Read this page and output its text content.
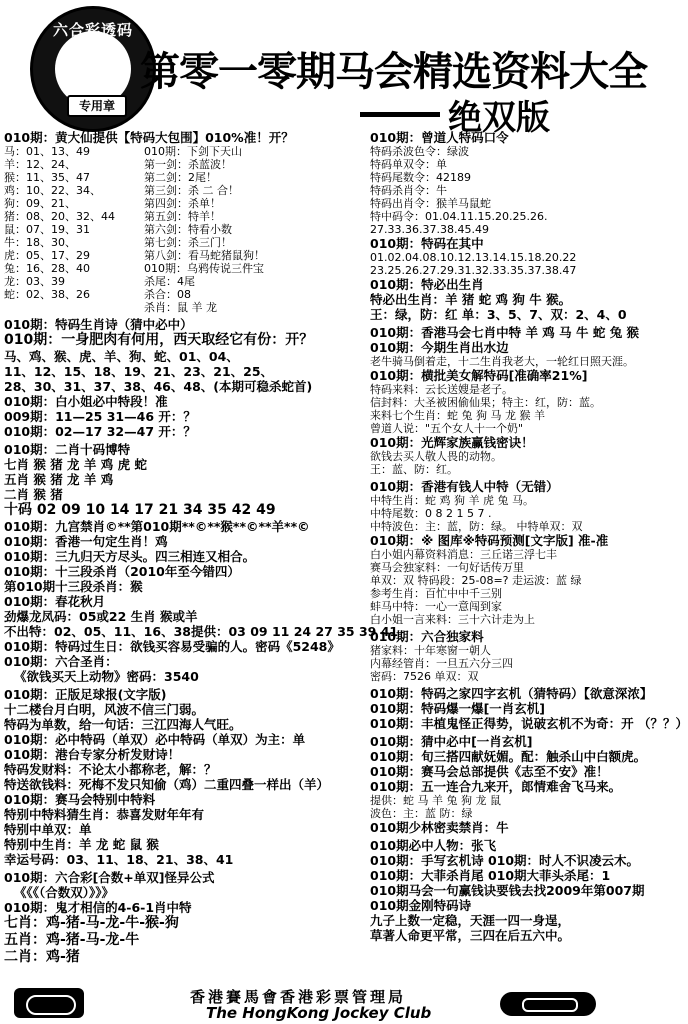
六合彩透码
专用章
第零一零期马会精选资料大全
绝双版
010期：黄大仙提供【特码大包围】010%准！开？
马：01、13、49	010期：下剑下天山
羊：12、24、	第一剑：杀蓝波！
猴：11、35、47	第二剑：2尾！
鸡：10、22、34、	第三剑：杀 二 合！
狗：09、21、	第四剑：杀单！
猪：08、20、32、44	第五剑：特羊！
鼠：07、19、31	第六剑：特看小数
牛：18、30、	第七剑：杀三门！
虎：05、17、29	第八剑：看马蛇猪鼠狗！
兔：16、28、40	010期：乌鸦传说三件宝
龙：03、39	杀尾：4尾
蛇：02、38、26	杀合：08
杀肖：鼠 羊 龙
010期：特码生肖诗（猜中必中）
010期：一身肥肉有何用，西天取经它有份：开？
马、鸡、猴、虎、羊、狗、蛇、01、04、
11、12、15、18、19、21、23、21、25、
28、30、31、37、38、46、48、(本期可稳杀蛇首)
010期：白小姐必中特段！准
009期：11—25 31—46 开：？
010期：02—17 32—47 开：？
010期：二肖十码博特
七肖 猴 猪 龙 羊 鸡 虎 蛇
五肖 猴 猪 龙 羊 鸡
二肖 猴 猪
十码 02 09 10 14 17 21 34 35 42 49
010期：九宫禁肖©**第010期**©**猴**©**羊**©
010期：香港一句定生肖！鸡
010期：三九归天方尽头。四三相连又相合。
010期：十三段杀肖（2010年至今错四）
第010期十三段杀肖：猴
010期：春花秋月
劲爆龙凤码：05或22 生肖 猴或羊
不出特：02、05、11、16、38提供：03 09 11 24 27 35 39 41
010期：特码过生日：欲钱买容易受骗的人。密码《5248》
010期：六合圣肖：
《欲钱买天上动物》密码：3540
010期：正版足球报(文字版)
十二楼台月白明，风波不信三门弱。
特码为单数，给一句话：三江四海人气旺。
010期：必中特码（单双）必中特码（单双）为主：单
010期：港台专家分析发财诗！
特码发财料：不论太小都称老，解：？
特送欲钱料：死梅不发只知偷（鸡）二重四叠一样出（羊）
010期：赛马会特别中特料
特别中特料猜生肖：恭喜发财年年有
特别中单双：单
特别中生肖：羊 龙 蛇 鼠 猴
幸运号码：03、11、18、21、38、41
010期：六合彩[合数+单双]怪异公式
《《《（合数双）》》》
010期：鬼才相信的4-6-1肖中特
七肖：鸡-猪-马-龙-牛-猴-狗
五肖：鸡-猪-马-龙-牛
二肖：鸡-猪
010期：曾道人特码口令
特码杀波色令：绿波
特码单双令：单
特码尾数令：42189
特码杀肖令：牛
特码出肖令：猴羊马鼠蛇
特中码令：01.04.11.15.20.25.26.
27.33.36.37.38.45.49
010期：特码在其中
01.02.04.08.10.12.13.14.15.18.20.22
23.25.26.27.29.31.32.33.35.37.38.47
010期：特必出生肖
特必出生肖：羊 猪 蛇 鸡 狗 牛 猴。
王：绿，防：红 单：3、5、7、双：2、4、0
010期：香港马会七肖中特 羊 鸡 马 牛 蛇 兔 猴
010期：今期生肖出水边
老牛骑马倒着走，十二生肖我老大，一轮红日照天涯。
010期：横批美女解特码[准确率21%]
特码来料：云长送嫂是老子。
信封料：大圣被困偷仙果；特主：红，防：蓝。
来料七个生肖：蛇 兔 狗 马 龙 猴 羊
曾道人说："五个女人十一个奶"
010期：光辉家族赢钱密诀！
欲钱去买人敬人畏的动物。
王：蓝、防：红。
010期：香港有钱人中特（无错）
中特生肖：蛇 鸡 狗 羊 虎 兔 马。
中特尾数：0 8 2 1 5 7 .
中特波色：主：蓝，防：绿。 中特单双：双
010期：※ 图库※特码预测[文字版] 准-准
白小姐内幕资料消息：三丘诺三浮七丰
赛马会独家料：一句好话传万里
单双：双 特码段：25-08=? 走运波：蓝 绿
参考生肖：百忙中中千三别
蚌马中特：一心一意闯到家
白小姐一言来料：三十六计走为上
010期：六合独家料
猪家料：十年寒窗一朝人
内幕经管肖：一旦五六分三四
密码：7526 单双：双
010期：特码之家四字玄机（猜特码）【欲意深浓】
010期：特码爆一爆[一肖玄机]
010期：丰植鬼怪正得势，说破玄机不为奇：开 （？？）
010期：猜中必中[一肖玄机]
010期：旬三搭四献妩媚。配：触杀山中白额虎。
010期：赛马会总部提供《志至不安》准！
010期：五一连合九来开，郎情难舍飞马来。
提供：蛇 马 羊 兔 狗 龙 鼠
波色：主：蓝 防：绿
010期少林密卖禁肖：牛
010期必中人物：张飞
010期：手写玄机诗 010期：时人不识凌云木。
010期：大菲杀肖尾 010期大菲头杀尾：1
010期马会一句赢钱诀要钱去找2009年第007期
010期金刚特码诗
九子上数一定稳，天涯一四一身逞，
草著人命更平常，三四在后五六中。
香港賽馬會香港彩票管理局
The HongKong Jockey Club
